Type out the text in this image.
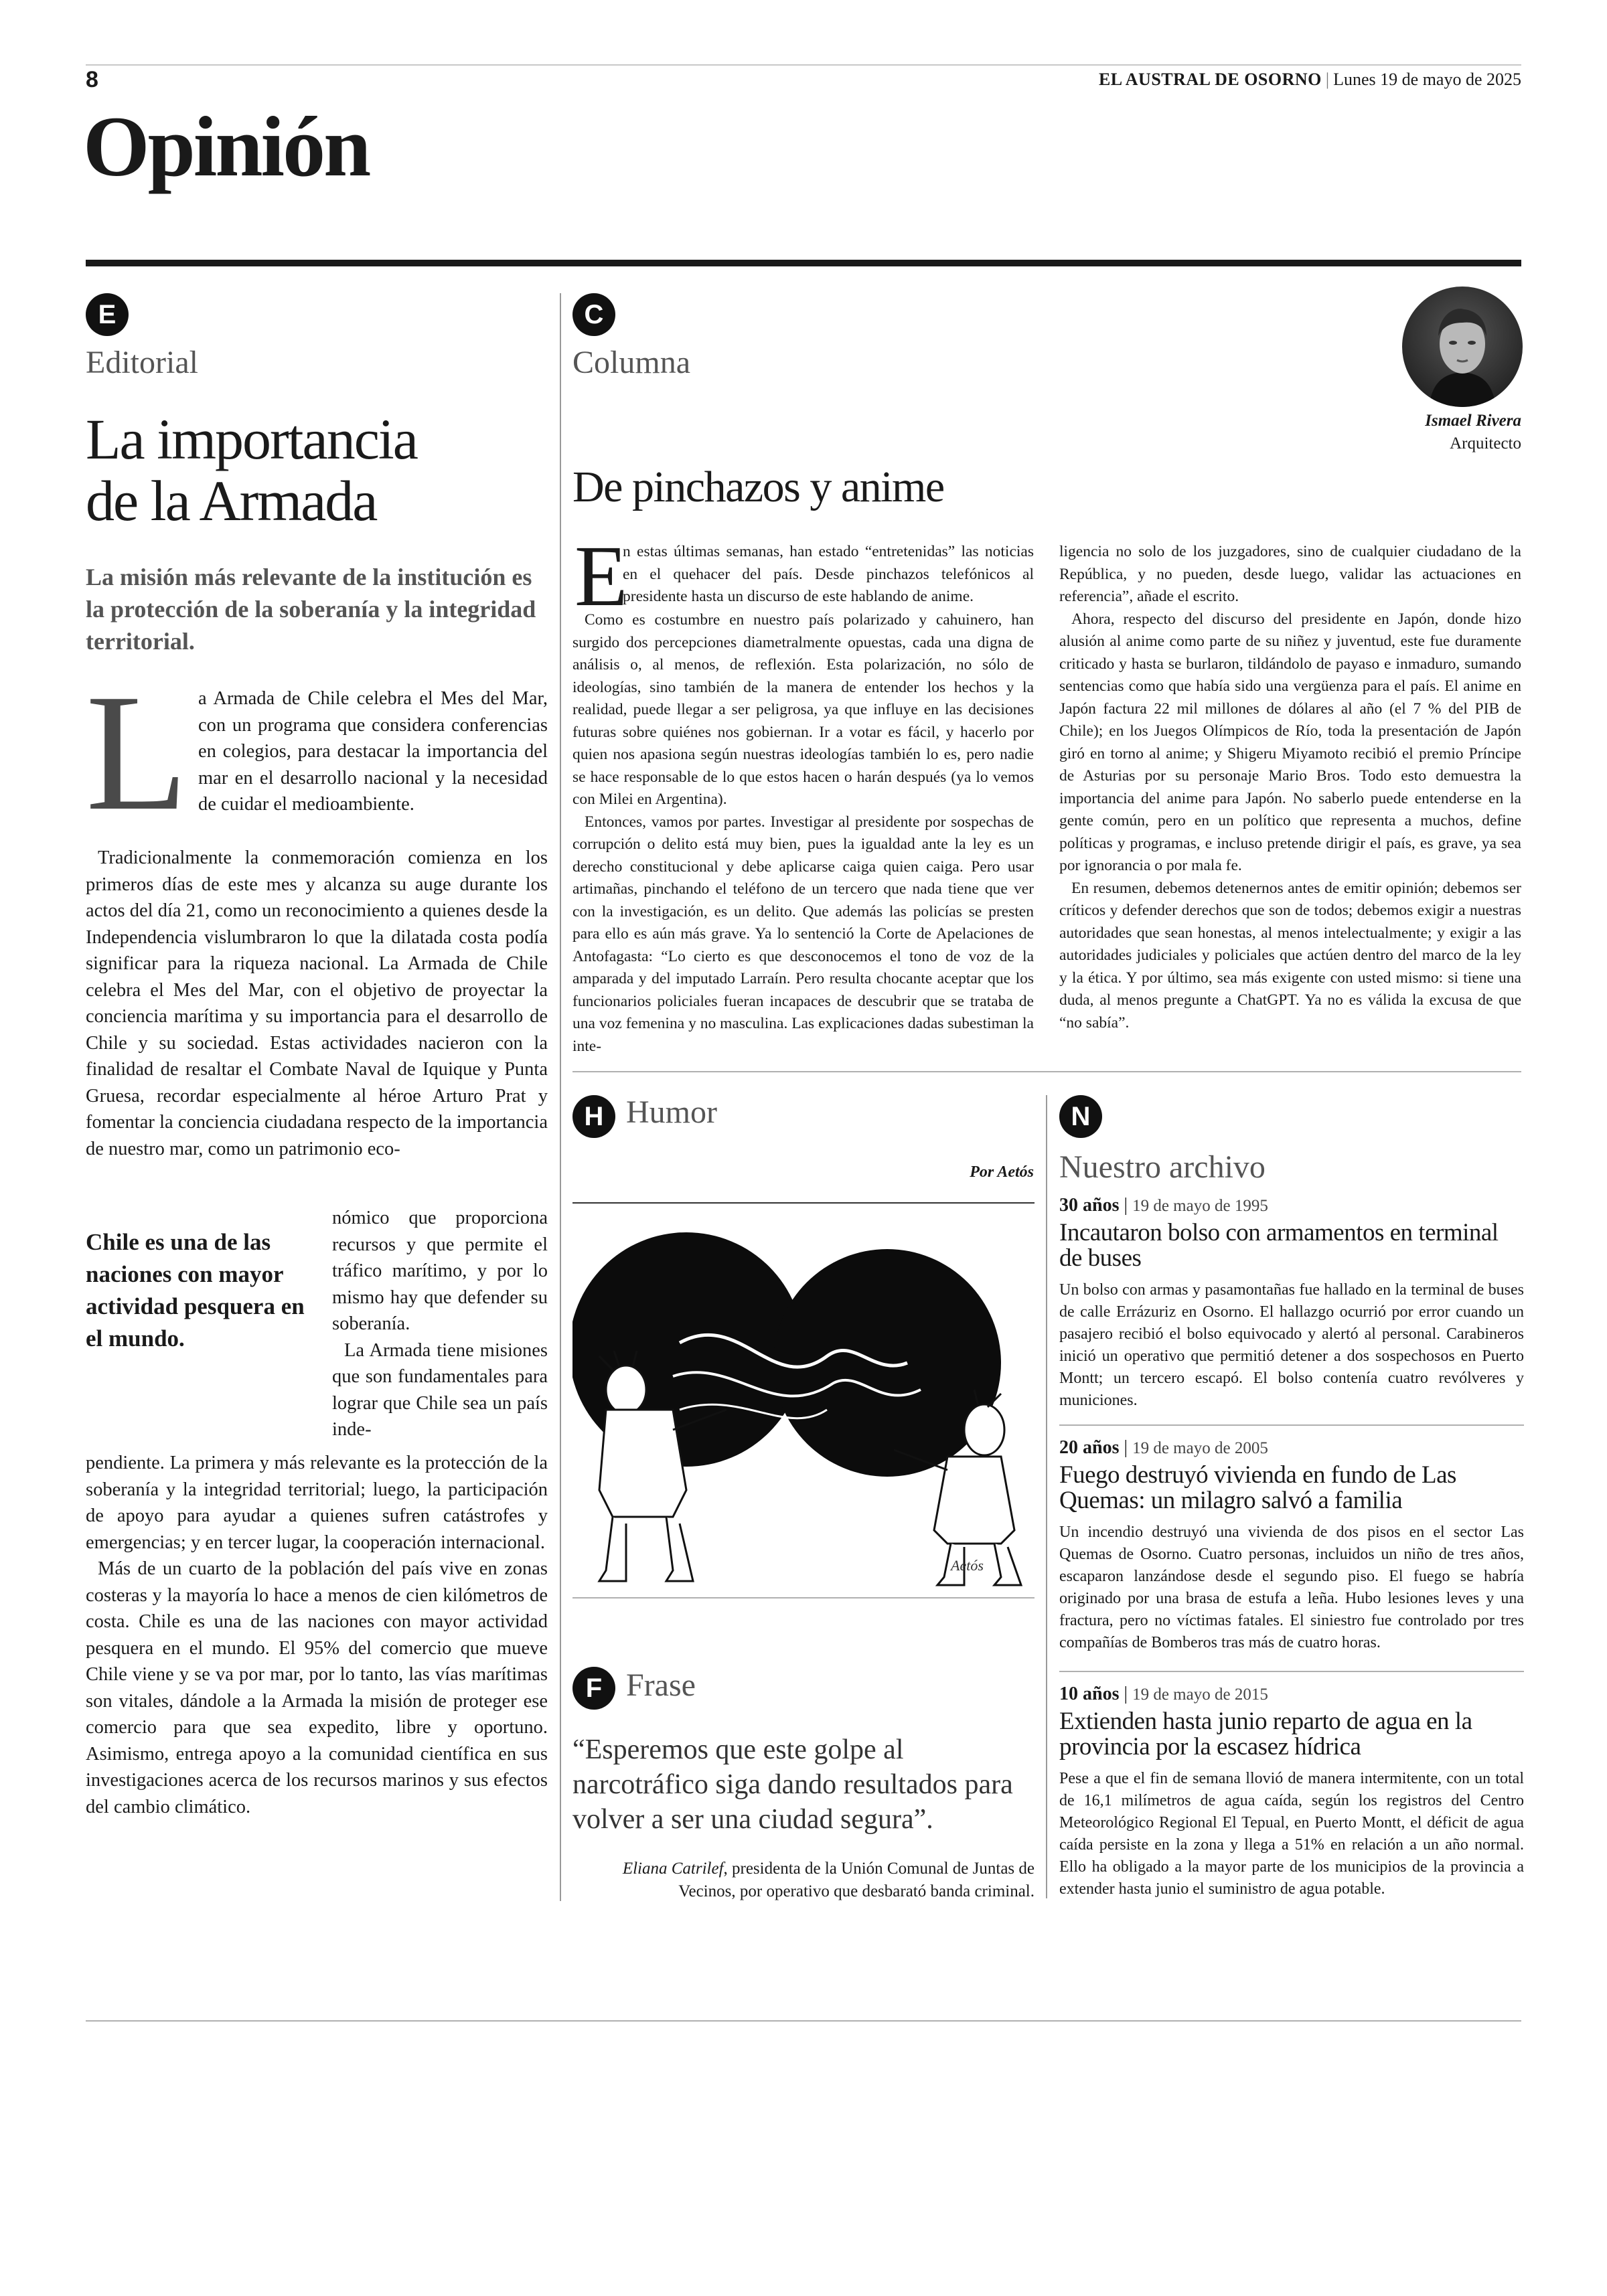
8	EL AUSTRAL DE OSORNO | Lunes 19 de mayo de 2025
Opinión
E
Editorial
La importancia
de la Armada
La misión más relevante de la institución es la protección de la soberanía y la integridad territorial.
L a Armada de Chile celebra el Mes del Mar, con un programa que considera conferencias en colegios, para destacar la importancia del mar en el desarrollo nacional y la necesidad de cuidar el medioambiente.

Tradicionalmente la conmemoración comienza en los primeros días de este mes y alcanza su auge durante los actos del día 21, como un reconocimiento a quienes desde la Independencia vislumbraron lo que la dilatada costa podía significar para la riqueza nacional. La Armada de Chile celebra el Mes del Mar, con el objetivo de proyectar la conciencia marítima y su importancia para el desarrollo de Chile y su sociedad. Estas actividades nacieron con la finalidad de resaltar el Combate Naval de Iquique y Punta Gruesa, recordar especialmente al héroe Arturo Prat y fomentar la conciencia ciudadana respecto de la importancia de nuestro mar, como un patrimonio eco-

nómico que proporciona recursos y que permite el tráfico marítimo, y por lo mismo hay que defender su soberanía.

La Armada tiene misiones que son fundamentales para lograr que Chile sea un país inde-

Chile es una de las naciones con mayor actividad pesquera en el mundo.

pendiente. La primera y más relevante es la protección de la soberanía y la integridad territorial; luego, la participación de apoyo para ayudar a quienes sufren catástrofes y emergencias; y en tercer lugar, la cooperación internacional.

Más de un cuarto de la población del país vive en zonas costeras y la mayoría lo hace a menos de cien kilómetros de costa. Chile es una de las naciones con mayor actividad pesquera en el mundo. El 95% del comercio que mueve Chile viene y se va por mar, por lo tanto, las vías marítimas son vitales, dándole a la Armada la misión de proteger ese comercio para que sea expedito, libre y oportuno. Asimismo, entrega apoyo a la comunidad científica en sus investigaciones acerca de los recursos marinos y sus efectos del cambio climático.

C
Columna
Ismael Rivera
Arquitecto
De pinchazos y anime
E

n estas últimas semanas, han estado “entretenidas” las noticias en el quehacer del país. Desde pinchazos telefónicos al presidente hasta un discurso de este hablando de anime.

Como es costumbre en nuestro país polarizado y cahuinero, han surgido dos percepciones diametralmente opuestas, cada una digna de análisis o, al menos, de reflexión. Esta polarización, no sólo de ideologías, sino también de la manera de entender los hechos y la realidad, puede llegar a ser peligrosa, ya que influye en las decisiones futuras sobre quiénes nos gobiernan. Ir a votar es fácil, y hacerlo por quien nos apasiona según nuestras ideologías también lo es, pero nadie se hace responsable de lo que estos hacen o harán después (ya lo vemos con Milei en Argentina).

Entonces, vamos por partes. Investigar al presidente por sospechas de corrupción o delito está muy bien, pues la igualdad ante la ley es un derecho constitucional y debe aplicarse caiga quien caiga. Pero usar artimañas, pinchando el teléfono de un tercero que nada tiene que ver con la investigación, es un delito. Que además las policías se presten para ello es aún más grave. Ya lo sentenció la Corte de Apelaciones de Antofagasta: “Lo cierto es que desconocemos el tono de voz de la amparada y del imputado Larraín. Pero resulta chocante aceptar que los funcionarios policiales fueran incapaces de descubrir que se trataba de una voz femenina y no masculina. Las explicaciones dadas subestiman la inte-

ligencia no solo de los juzgadores, sino de cualquier ciudadano de la República, y no pueden, desde luego, validar las actuaciones en referencia”, añade el escrito.

Ahora, respecto del discurso del presidente en Japón, donde hizo alusión al anime como parte de su niñez y juventud, este fue duramente criticado y hasta se burlaron, tildándolo de payaso e inmaduro, sumando sentencias como que había sido una vergüenza para el país. El anime en Japón factura 22 mil millones de dólares al año (el 7 % del PIB de Chile); en los Juegos Olímpicos de Río, toda la presentación de Japón giró en torno al anime; y Shigeru Miyamoto recibió el premio Príncipe de Asturias por su personaje Mario Bros. Todo esto demuestra la importancia del anime para Japón. No saberlo puede entenderse en la gente común, pero en un político que representa a muchos, define políticas y programas, e incluso pretende dirigir el país, es grave, ya sea por ignorancia o por mala fe.

En resumen, debemos detenernos antes de emitir opinión; debemos ser críticos y defender derechos que son de todos; debemos exigir a nuestras autoridades que sean honestas, al menos intelectualmente; y exigir a las autoridades judiciales y policiales que actúen dentro del marco de la ley y la ética. Y por último, sea más exigente con usted mismo: si tiene una duda, al menos pregunte a ChatGPT. Ya no es válida la excusa de que “no sabía”.

H Humor
Por Aetós
Aetós
F Frase
“Esperemos que este golpe al narcotráfico siga dando resultados para volver a ser una ciudad segura”.
Eliana Catrilef, presidenta de la Unión Comunal de Juntas de Vecinos, por operativo que desbarató banda criminal.
N
Nuestro archivo
30 años | 19 de mayo de 1995
Incautaron bolso con armamentos en terminal de buses
Un bolso con armas y pasamontañas fue hallado en la terminal de buses de calle Errázuriz en Osorno. El hallazgo ocurrió por error cuando un pasajero recibió el bolso equivocado y alertó al personal. Carabineros inició un operativo que permitió detener a dos sospechosos en Puerto Montt; un tercero escapó. El bolso contenía cuatro revólveres y municiones.
20 años | 19 de mayo de 2005
Fuego destruyó vivienda en fundo de Las Quemas: un milagro salvó a familia
Un incendio destruyó una vivienda de dos pisos en el sector Las Quemas de Osorno. Cuatro personas, incluidos un niño de tres años, escaparon lanzándose desde el segundo piso. El fuego se habría originado por una brasa de estufa a leña. Hubo lesiones leves y una fractura, pero no víctimas fatales. El siniestro fue controlado por tres compañías de Bomberos tras más de cuatro horas.
10 años | 19 de mayo de 2015
Extienden hasta junio reparto de agua en la provincia por la escasez hídrica
Pese a que el fin de semana llovió de manera intermitente, con un total de 16,1 milímetros de agua caída, según los registros del Centro Meteorológico Regional El Tepual, en Puerto Montt, el déficit de agua caída persiste en la zona y llega a 51% en relación a un año normal. Ello ha obligado a la mayor parte de los municipios de la provincia a extender hasta junio el suministro de agua potable.
